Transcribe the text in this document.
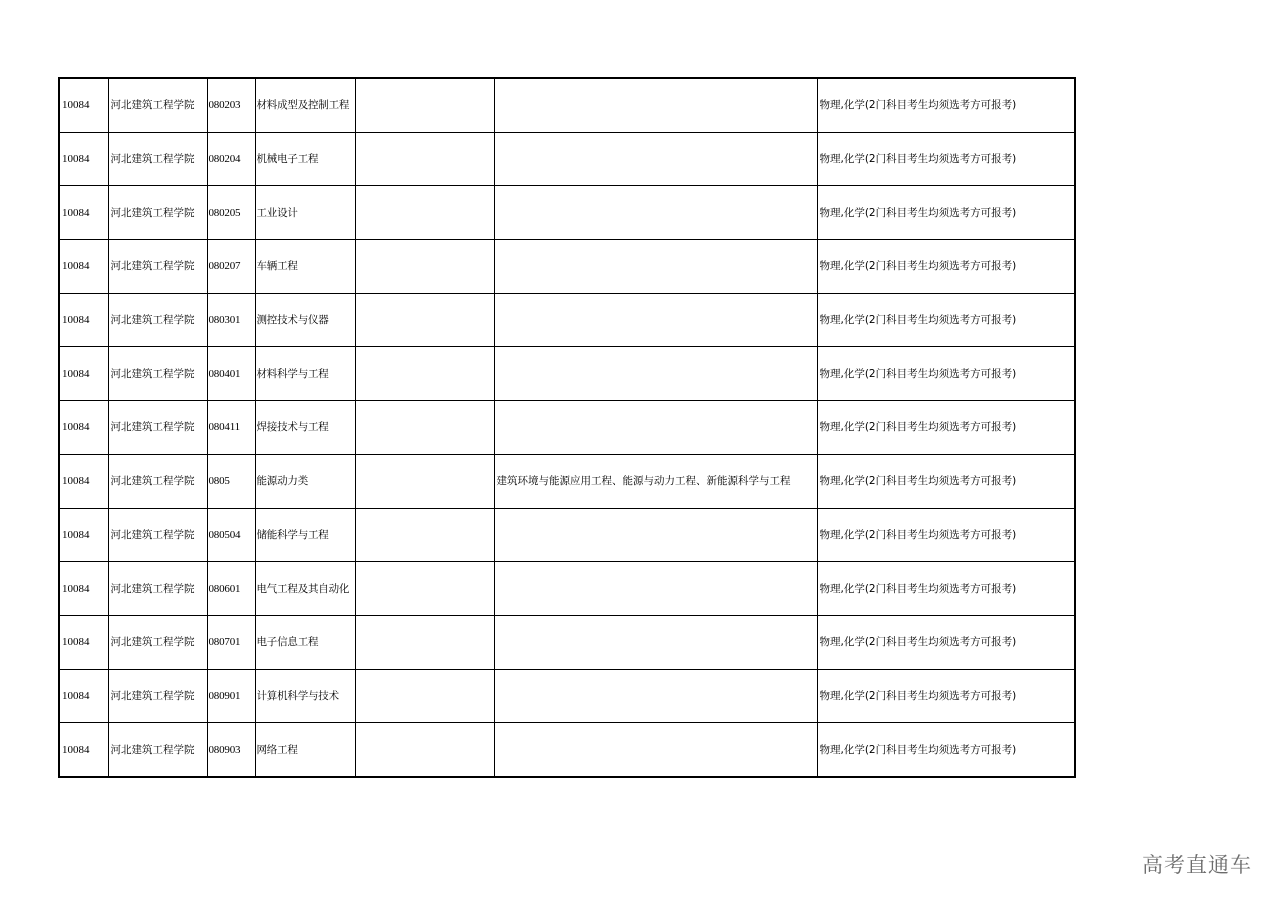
10084	河北建筑工程学院	080203	材料成型及控制工程			物理,化学(2门科目考生均须选考方可报考)
10084	河北建筑工程学院	080204	机械电子工程			物理,化学(2门科目考生均须选考方可报考)
10084	河北建筑工程学院	080205	工业设计			物理,化学(2门科目考生均须选考方可报考)
10084	河北建筑工程学院	080207	车辆工程			物理,化学(2门科目考生均须选考方可报考)
10084	河北建筑工程学院	080301	测控技术与仪器			物理,化学(2门科目考生均须选考方可报考)
10084	河北建筑工程学院	080401	材料科学与工程			物理,化学(2门科目考生均须选考方可报考)
10084	河北建筑工程学院	080411	焊接技术与工程			物理,化学(2门科目考生均须选考方可报考)
10084	河北建筑工程学院	0805	能源动力类		建筑环境与能源应用工程、能源与动力工程、新能源科学与工程	物理,化学(2门科目考生均须选考方可报考)
10084	河北建筑工程学院	080504	储能科学与工程			物理,化学(2门科目考生均须选考方可报考)
10084	河北建筑工程学院	080601	电气工程及其自动化			物理,化学(2门科目考生均须选考方可报考)
10084	河北建筑工程学院	080701	电子信息工程			物理,化学(2门科目考生均须选考方可报考)
10084	河北建筑工程学院	080901	计算机科学与技术			物理,化学(2门科目考生均须选考方可报考)
10084	河北建筑工程学院	080903	网络工程			物理,化学(2门科目考生均须选考方可报考)
高考直通车
